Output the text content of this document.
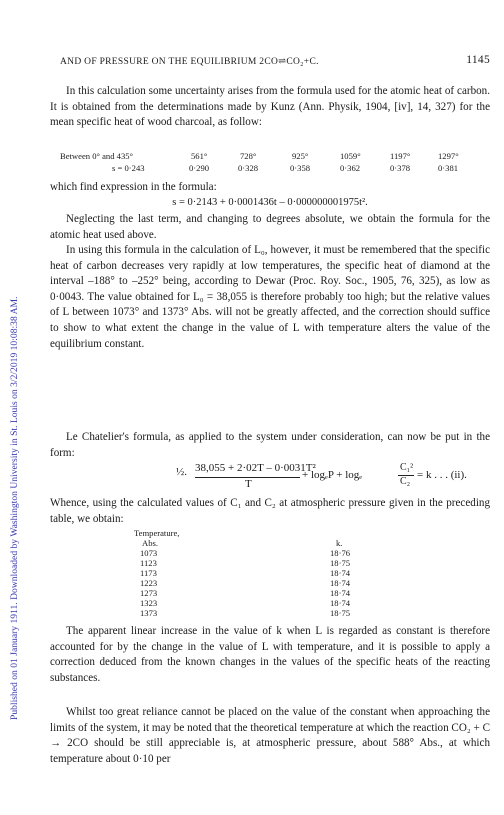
Published on 01 January 1911. Downloaded by Washington University in St. Louis on 3/2/2019 10:08:38 AM.
AND OF PRESSURE ON THE EQUILIBRIUM 2CO⇌CO₂+C.	1145

In this calculation some uncertainty arises from the formula used for the atomic heat of carbon. It is obtained from the determinations made by Kunz (Ann. Physik, 1904, [iv], 14, 327) for the mean specific heat of wood charcoal, as follow:

Between 0° and 435°	561°	728°	925°	1059°	1197°	1297°
s = 0·243	0·290	0·328	0·358	0·362	0·378	0·381

which find expression in the formula:

s = 0·2143 + 0·0001436t – 0·000000001975t².

Neglecting the last term, and changing to degrees absolute, we obtain the formula for the atomic heat used above.

In using this formula in the calculation of L₀, however, it must be remembered that the specific heat of carbon decreases very rapidly at low temperatures, the specific heat of diamond at the interval –188° to –252° being, according to Dewar (Proc. Roy. Soc., 1905, 76, 325), as low as 0·0043. The value obtained for L₀ = 38,055 is therefore probably too high; but the relative values of L between 1073° and 1373° Abs. will not be greatly affected, and the correction should suffice to show to what extent the change in the value of L with temperature alters the value of the equilibrium constant.

Le Chatelier's formula, as applied to the system under consideration, can now be put in the form:

½. 38,055 + 2·02T – 0·0031T²
T
+ logₑP + logₑ
C₁²
C₂
= k . . . (ii).

Whence, using the calculated values of C₁ and C₂ at atmospheric pressure given in the preceding table, we obtain:

Temperature,
Abs.	k.
1073	18·76
1123	18·75
1173	18·74
1223	18·74
1273	18·74
1323	18·74
1373	18·75

The apparent linear increase in the value of k when L is regarded as constant is therefore accounted for by the change in the value of L with temperature, and it is possible to apply a correction deduced from the known changes in the values of the specific heats of the reacting substances.

Whilst too great reliance cannot be placed on the value of the constant when approaching the limits of the system, it may be noted that the theoretical temperature at which the reaction CO₂ + C → 2CO should be still appreciable is, at atmospheric pressure, about 588° Abs., at which temperature about 0·10 per
